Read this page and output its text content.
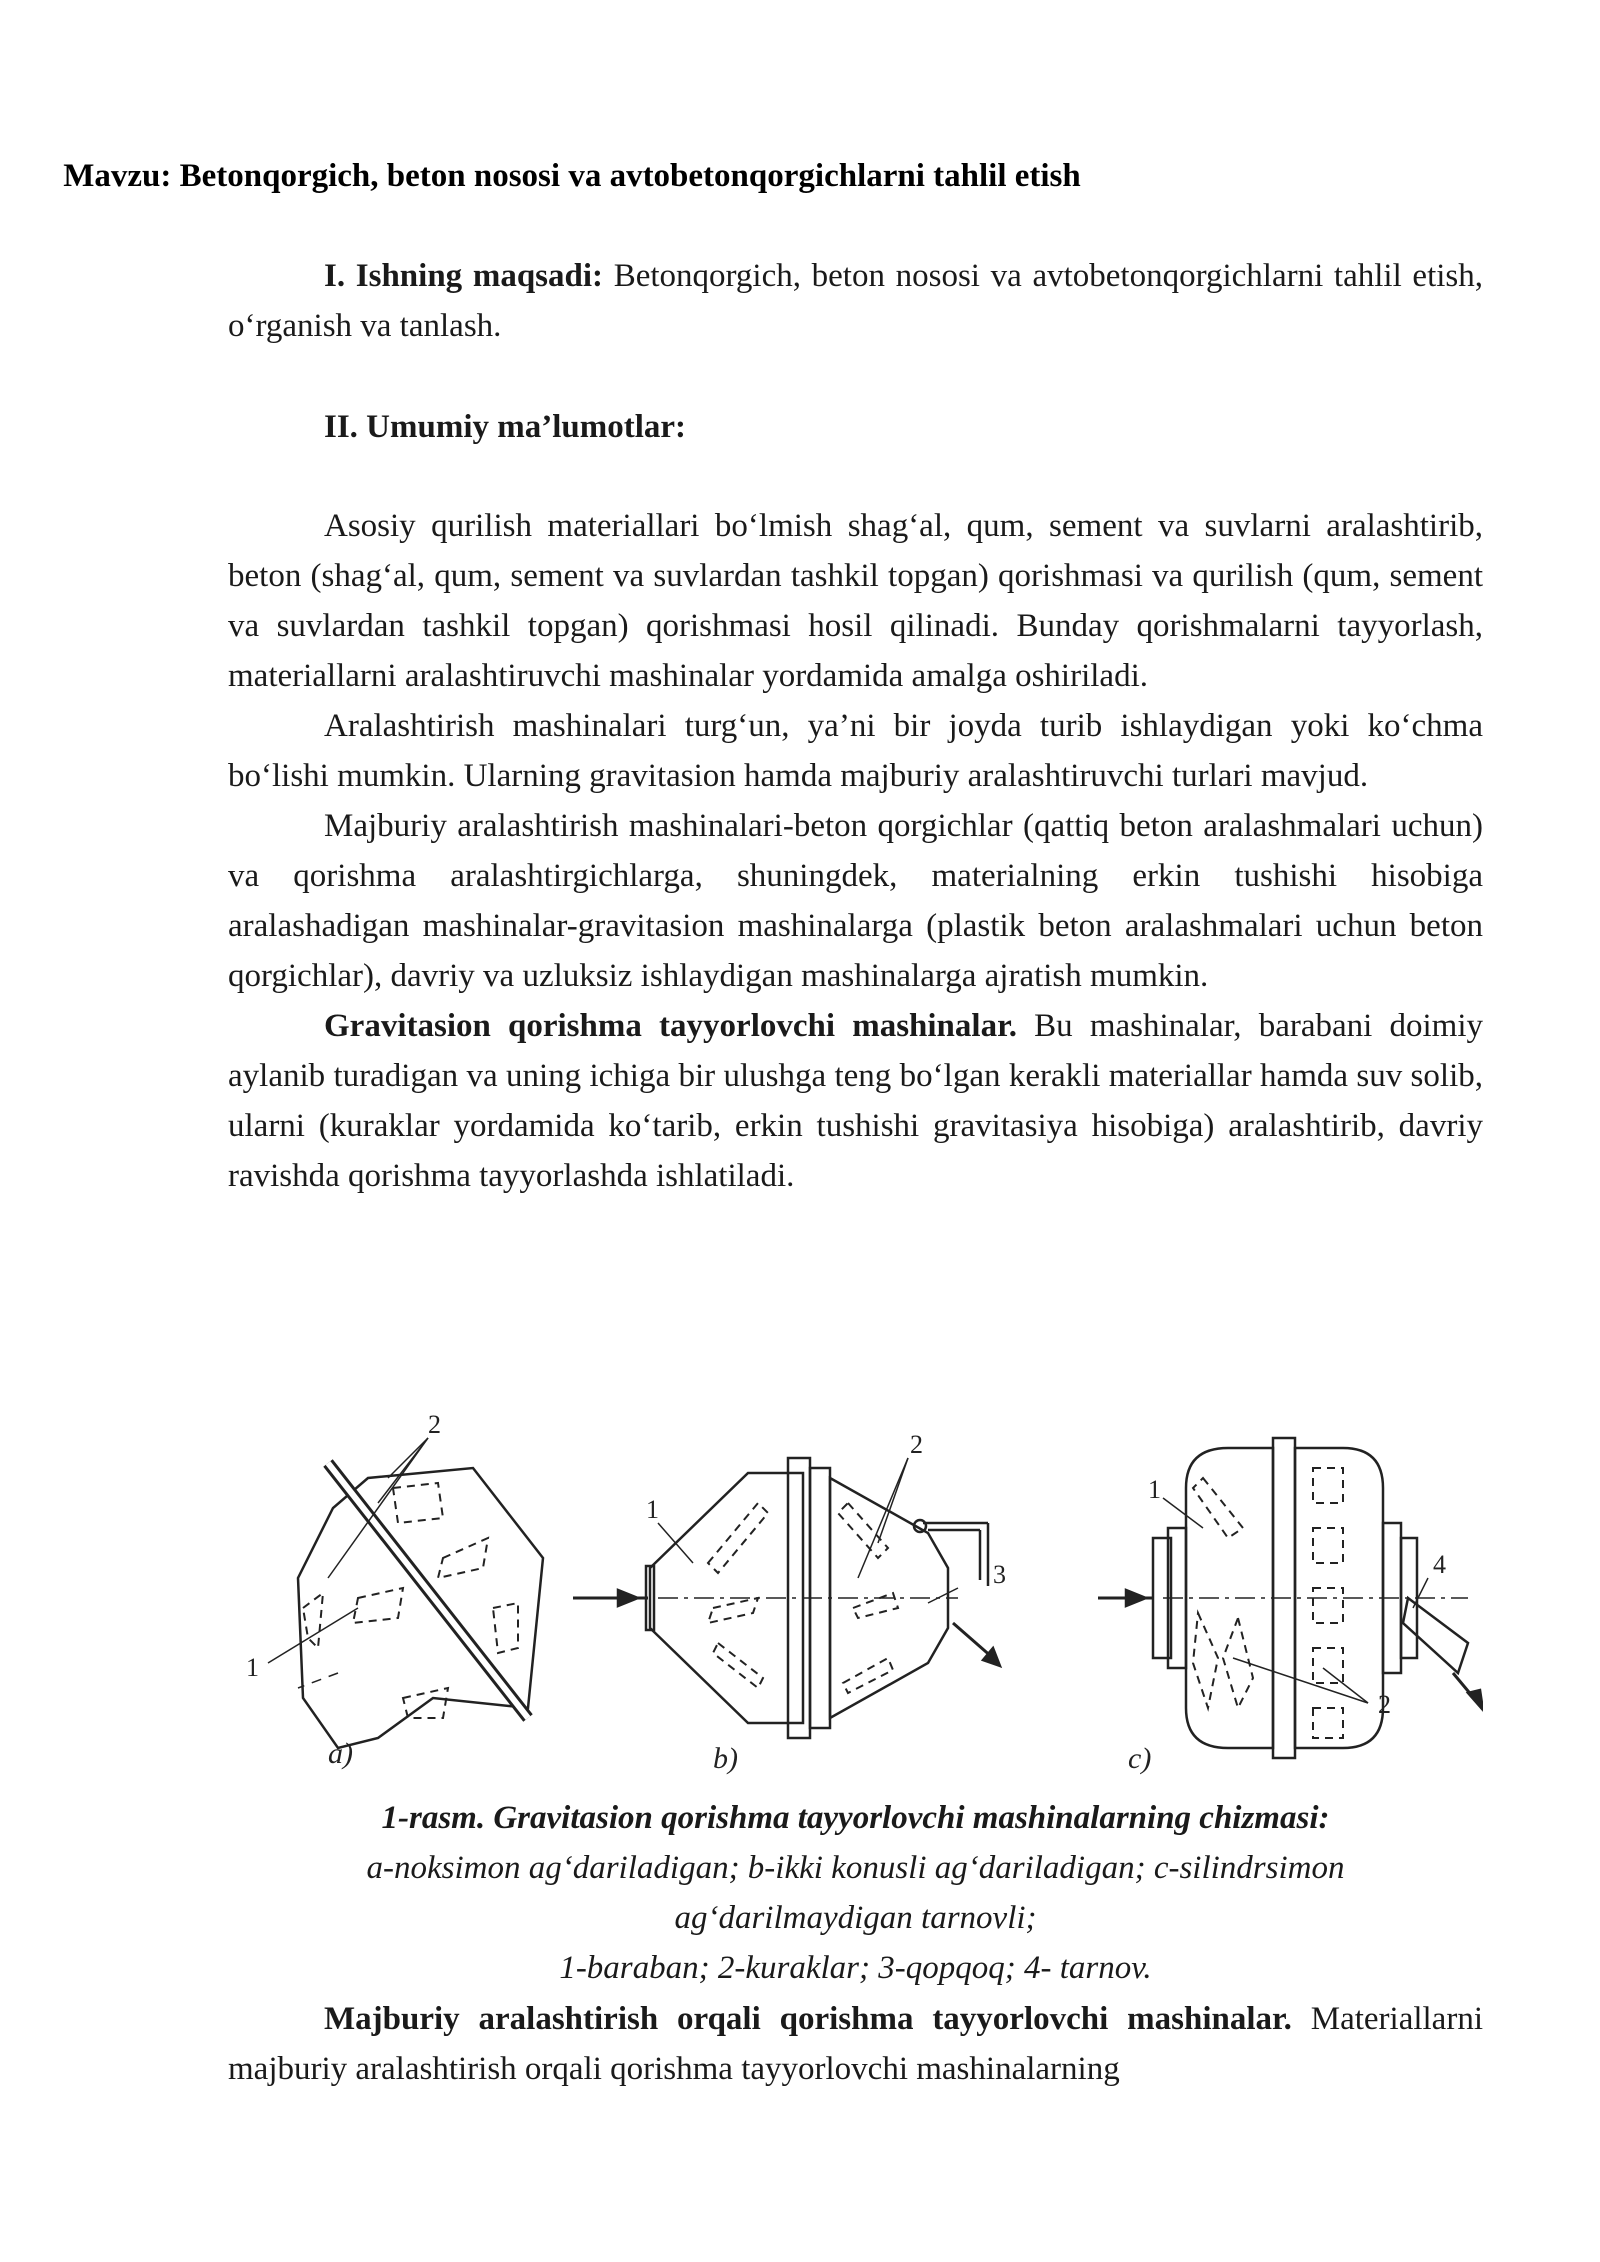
Mavzu: Betonqorgich, beton nososi va avtobetonqorgichlarni tahlil etish

I. Ishning maqsadi: Betonqorgich, beton nososi va avtobetonqorgichlarni tahlil etish, o‘rganish va tanlash.

II. Umumiy ma’lumotlar:

Asosiy qurilish materiallari bo‘lmish shag‘al, qum, sement va suvlarni aralashtirib, beton (shag‘al, qum, sement va suvlardan tashkil topgan) qorishmasi va qurilish (qum, sement va suvlardan tashkil topgan) qorishmasi hosil qilinadi. Bunday qorishmalarni tayyorlash, materiallarni aralashtiruvchi mashinalar yordamida amalga oshiriladi.

Aralashtirish mashinalari turg‘un, ya’ni bir joyda turib ishlaydigan yoki ko‘chma bo‘lishi mumkin. Ularning gravitasion hamda majburiy aralashtiruvchi turlari mavjud.

Majburiy aralashtirish mashinalari-beton qorgichlar (qattiq beton aralashmalari uchun) va qorishma aralashtirgichlarga, shuningdek, materialning erkin tushishi hisobiga aralashadigan mashinalar-gravitasion mashinalarga (plastik beton aralashmalari uchun beton qorgichlar), davriy va uzluksiz ishlaydigan mashinalarga ajratish mumkin.

Gravitasion qorishma tayyorlovchi mashinalar. Bu mashinalar, barabani doimiy aylanib turadigan va uning ichiga bir ulushga teng bo‘lgan kerakli materiallar hamda suv solib, ularni (kuraklar yordamida ko‘tarib, erkin tushishi gravitasiya hisobiga) aralashtirib, davriy ravishda qorishma tayyorlashda ishlatiladi.

2
1
2
1
3
1
4
2
a)	b)	c)
1-rasm. Gravitasion qorishma tayyorlovchi mashinalarning chizmasi:
a-noksimon ag‘dariladigan; b-ikki konusli ag‘dariladigan; c-silindrsimon
ag‘darilmaydigan tarnovli;
1-baraban; 2-kuraklar; 3-qopqoq; 4- tarnov.

Majburiy aralashtirish orqali qorishma tayyorlovchi mashinalar. Materiallarni majburiy aralashtirish orqali qorishma tayyorlovchi mashinalarning
